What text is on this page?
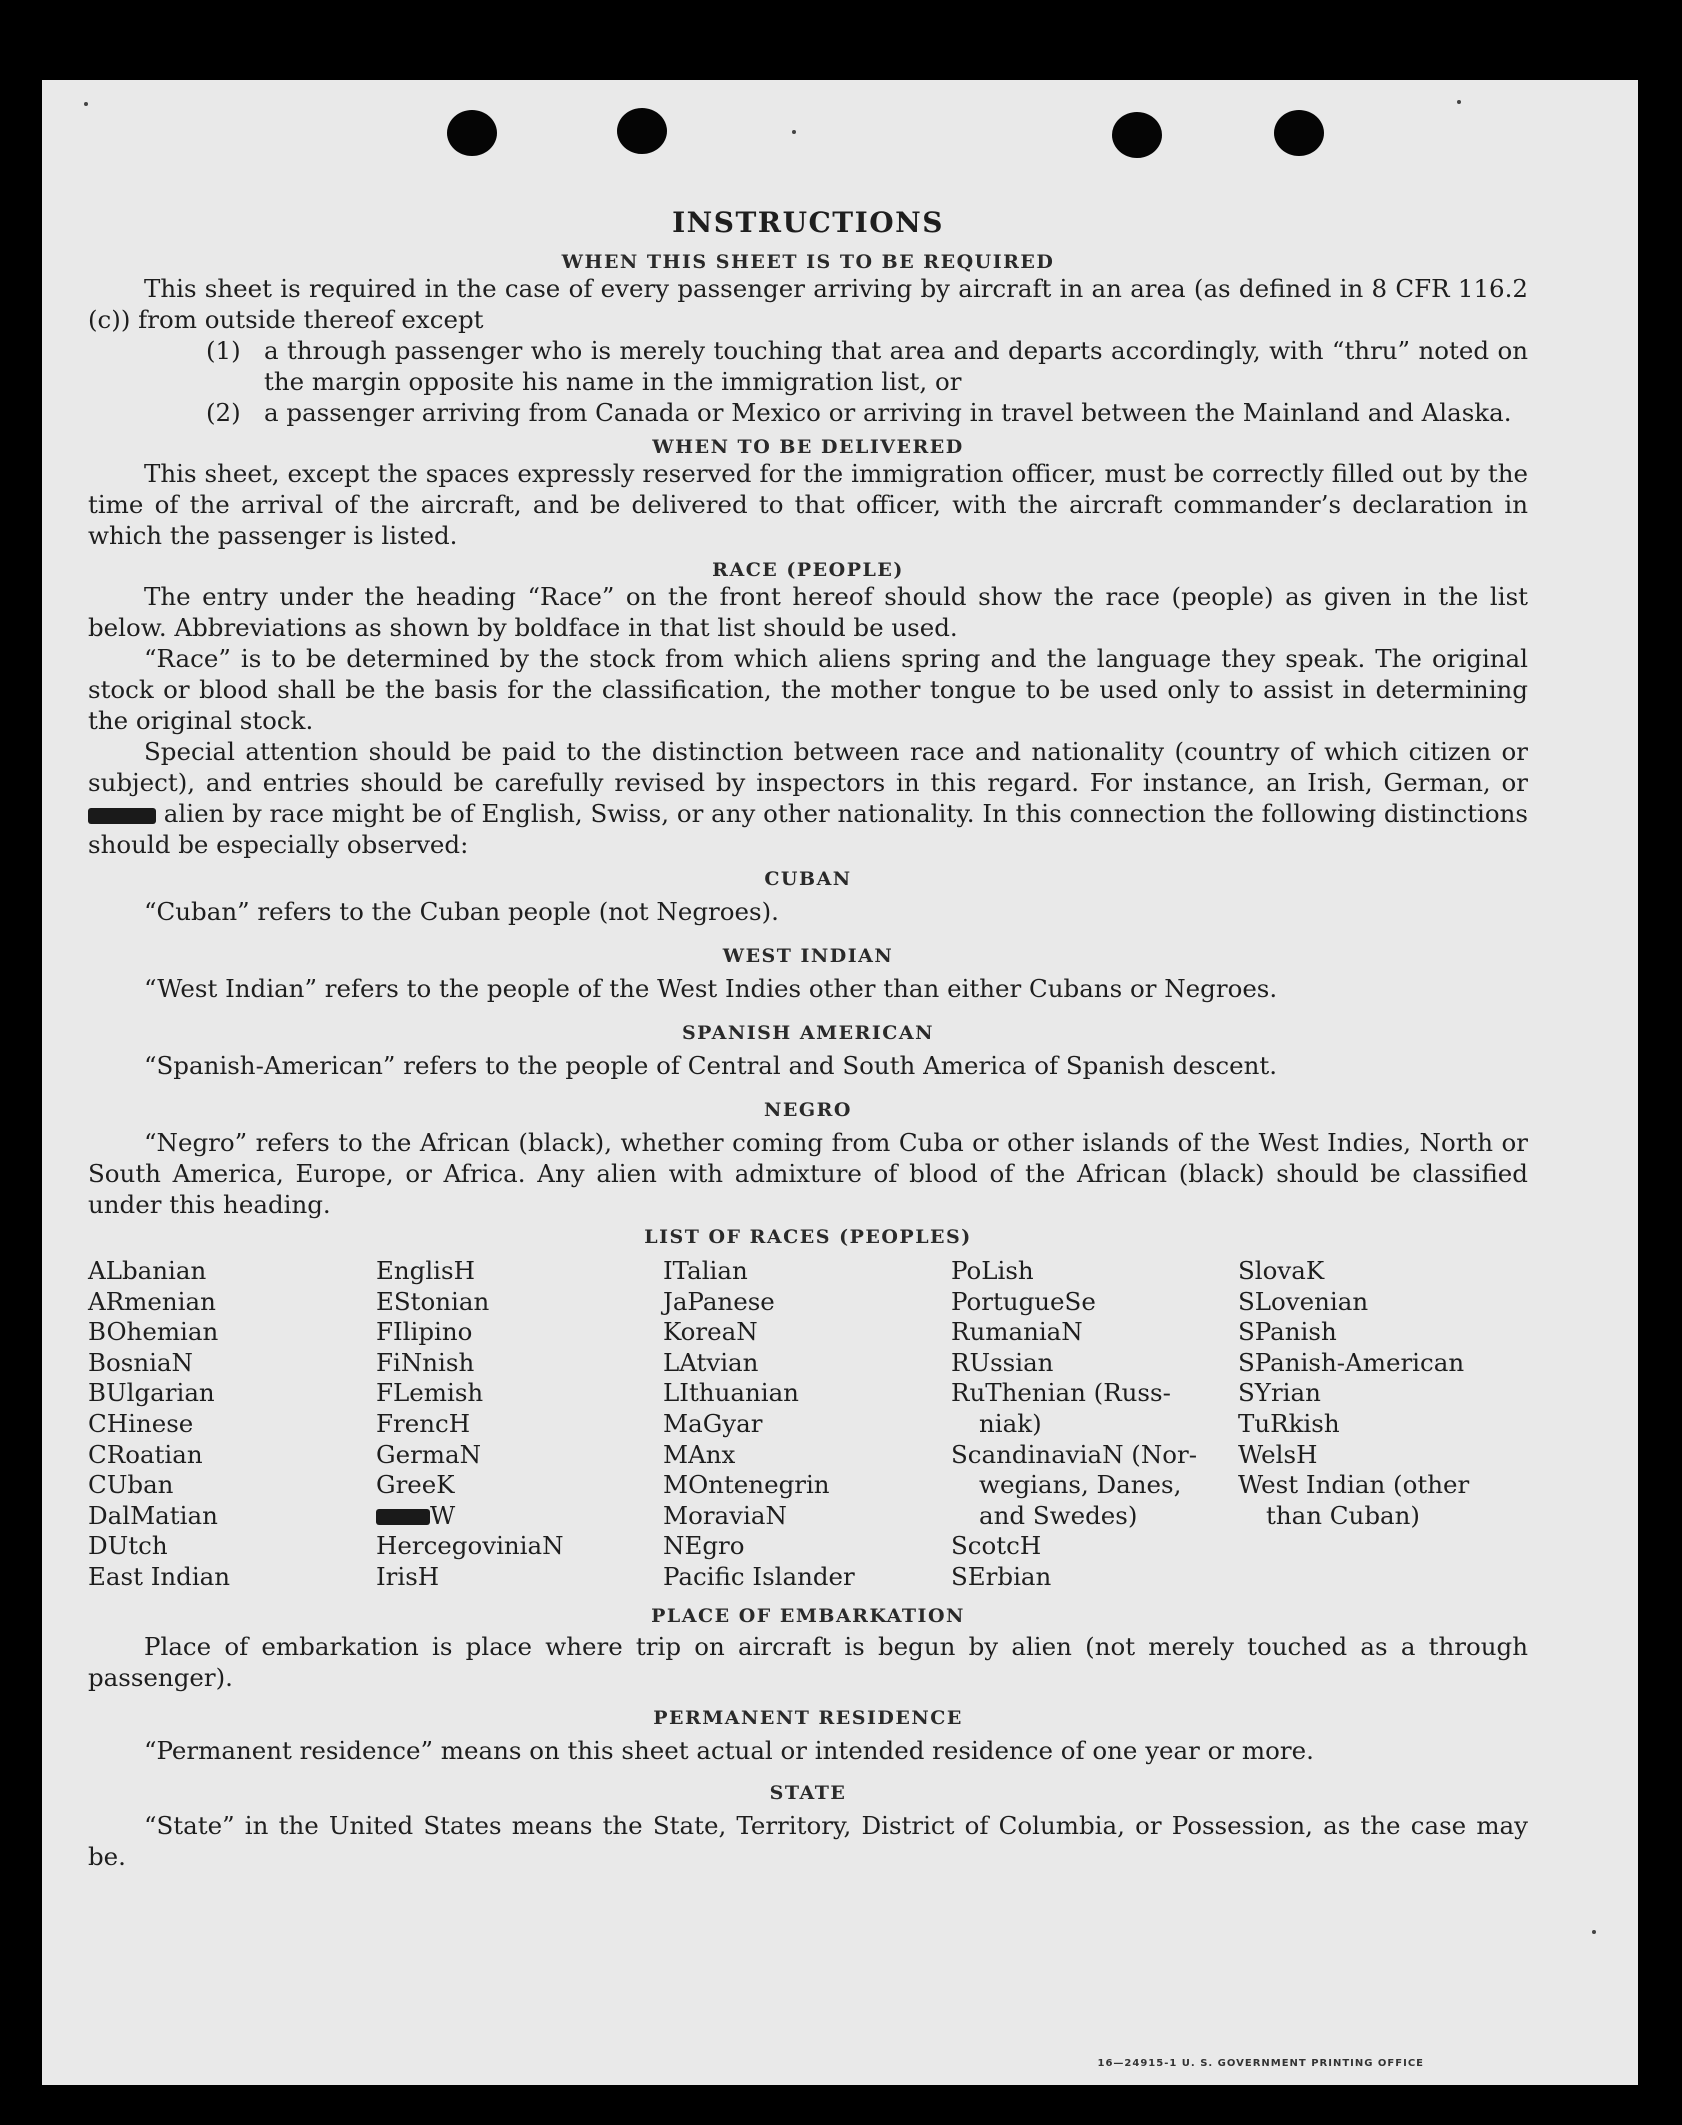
INSTRUCTIONS
WHEN THIS SHEET IS TO BE REQUIRED

This sheet is required in the case of every passenger arriving by aircraft in an area (as defined in 8 CFR 116.2 (c)) from outside thereof except

(1) a through passenger who is merely touching that area and departs accordingly, with “thru” noted on the margin opposite his name in the immigration list, or
(2) a passenger arriving from Canada or Mexico or arriving in travel between the Mainland and Alaska.
WHEN TO BE DELIVERED

This sheet, except the spaces expressly reserved for the immigration officer, must be correctly filled out by the time of the arrival of the aircraft, and be delivered to that officer, with the aircraft commander’s declaration in which the passenger is listed.

RACE (PEOPLE)

The entry under the heading “Race” on the front hereof should show the race (people) as given in the list below. Abbreviations as shown by boldface in that list should be used.

“Race” is to be determined by the stock from which aliens spring and the language they speak. The original stock or blood shall be the basis for the classification, the mother tongue to be used only to assist in determining the original stock.

Special attention should be paid to the distinction between race and nationality (country of which citizen or subject), and entries should be carefully revised by inspectors in this regard. For instance, an Irish, German, or  alien by race might be of English, Swiss, or any other nationality. In this connection the following distinctions should be especially observed:

CUBAN

“Cuban” refers to the Cuban people (not Negroes).

WEST INDIAN

“West Indian” refers to the people of the West Indies other than either Cubans or Negroes.

SPANISH AMERICAN

“Spanish-American” refers to the people of Central and South America of Spanish descent.

NEGRO

“Negro” refers to the African (black), whether coming from Cuba or other islands of the West Indies, North or South America, Europe, or Africa. Any alien with admixture of blood of the African (black) should be classified under this heading.

LIST OF RACES (PEOPLES)
ALbanian
ARmenian
BOhemian
BosniaN
BUlgarian
CHinese
CRoatian
CUban
DalMatian
DUtch
East Indian
EnglisH
EStonian
FIlipino
FiNnish
FLemish
FrencH
GermaN
GreeK
W
HercegoviniaN
IrisH
ITalian
JaPanese
KoreaN
LAtvian
LIthuanian
MaGyar
MAnx
MOntenegrin
MoraviaN
NEgro
Pacific Islander
PoLish
PortugueSe
RumaniaN
RUssian
RuThenian (Russ-
niak)
ScandinaviaN (Nor-
wegians, Danes,
and Swedes)
ScotcH
SErbian
SlovaK
SLovenian
SPanish
SPanish-American
SYrian
TuRkish
WelsH
West Indian (other
than Cuban)
PLACE OF EMBARKATION

Place of embarkation is place where trip on aircraft is begun by alien (not merely touched as a through passenger).

PERMANENT RESIDENCE

“Permanent residence” means on this sheet actual or intended residence of one year or more.

STATE

“State” in the United States means the State, Territory, District of Columbia, or Possession, as the case may be.

16—24915-1 U. S. GOVERNMENT PRINTING OFFICE
